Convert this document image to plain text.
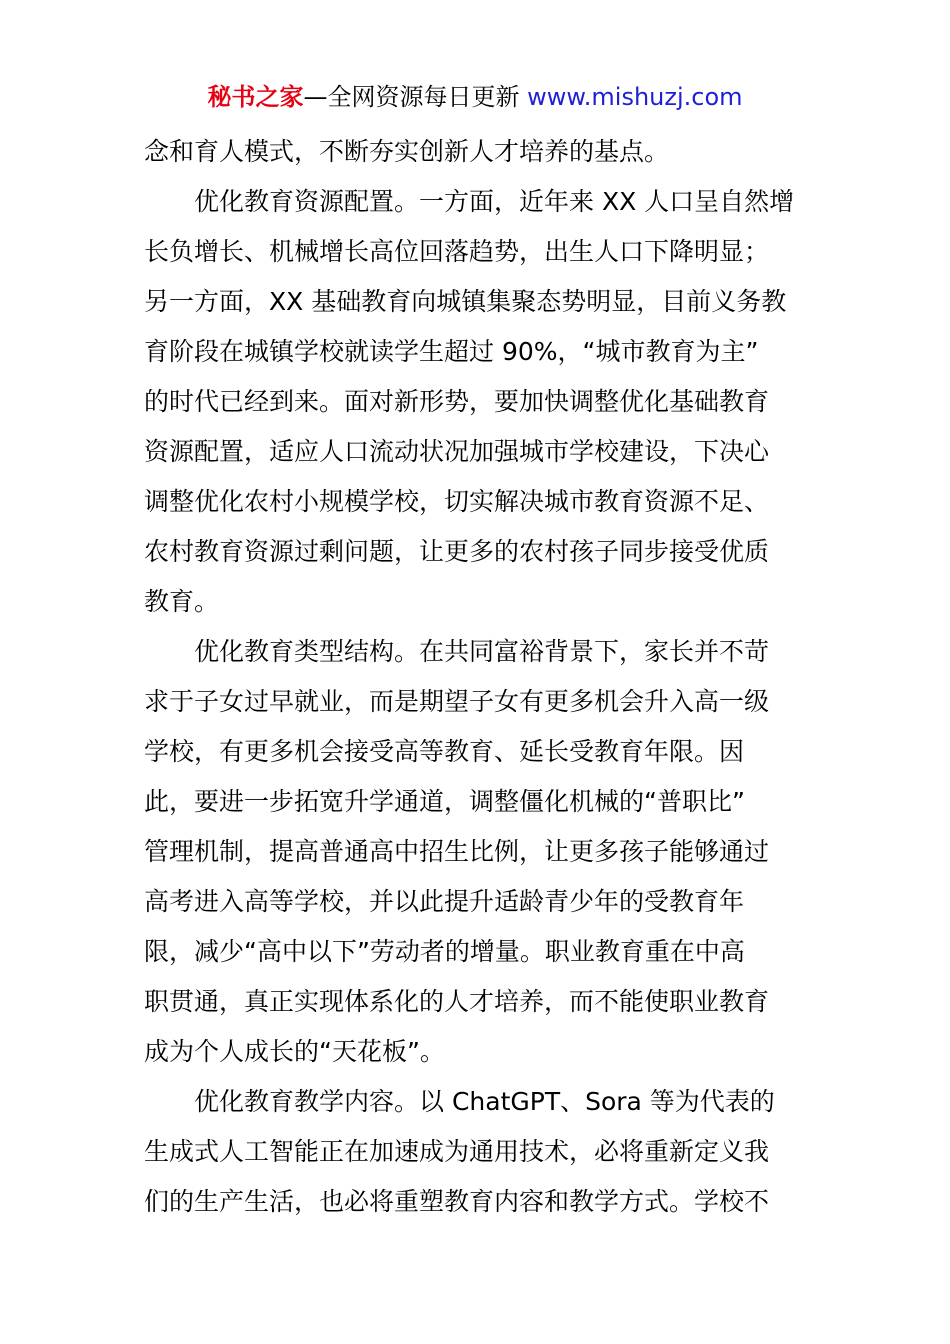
秘书之家—全网资源每日更新 www.mishuzj.com
念和育人模式，不断夯实创新人才培养的基点。
优化教育资源配置。一方面，近年来 XX 人口呈自然增
长负增长、机械增长高位回落趋势，出生人口下降明显；
另一方面，XX 基础教育向城镇集聚态势明显，目前义务教
育阶段在城镇学校就读学生超过 90%，“城市教育为主”
的时代已经到来。面对新形势，要加快调整优化基础教育
资源配置，适应人口流动状况加强城市学校建设，下决心
调整优化农村小规模学校，切实解决城市教育资源不足、
农村教育资源过剩问题，让更多的农村孩子同步接受优质
教育。
优化教育类型结构。在共同富裕背景下，家长并不苛
求于子女过早就业，而是期望子女有更多机会升入高一级
学校，有更多机会接受高等教育、延长受教育年限。因
此，要进一步拓宽升学通道，调整僵化机械的“普职比”
管理机制，提高普通高中招生比例，让更多孩子能够通过
高考进入高等学校，并以此提升适龄青少年的受教育年
限，减少“高中以下”劳动者的增量。职业教育重在中高
职贯通，真正实现体系化的人才培养，而不能使职业教育
成为个人成长的“天花板”。
优化教育教学内容。以 ChatGPT、Sora 等为代表的
生成式人工智能正在加速成为通用技术，必将重新定义我
们的生产生活，也必将重塑教育内容和教学方式。学校不
